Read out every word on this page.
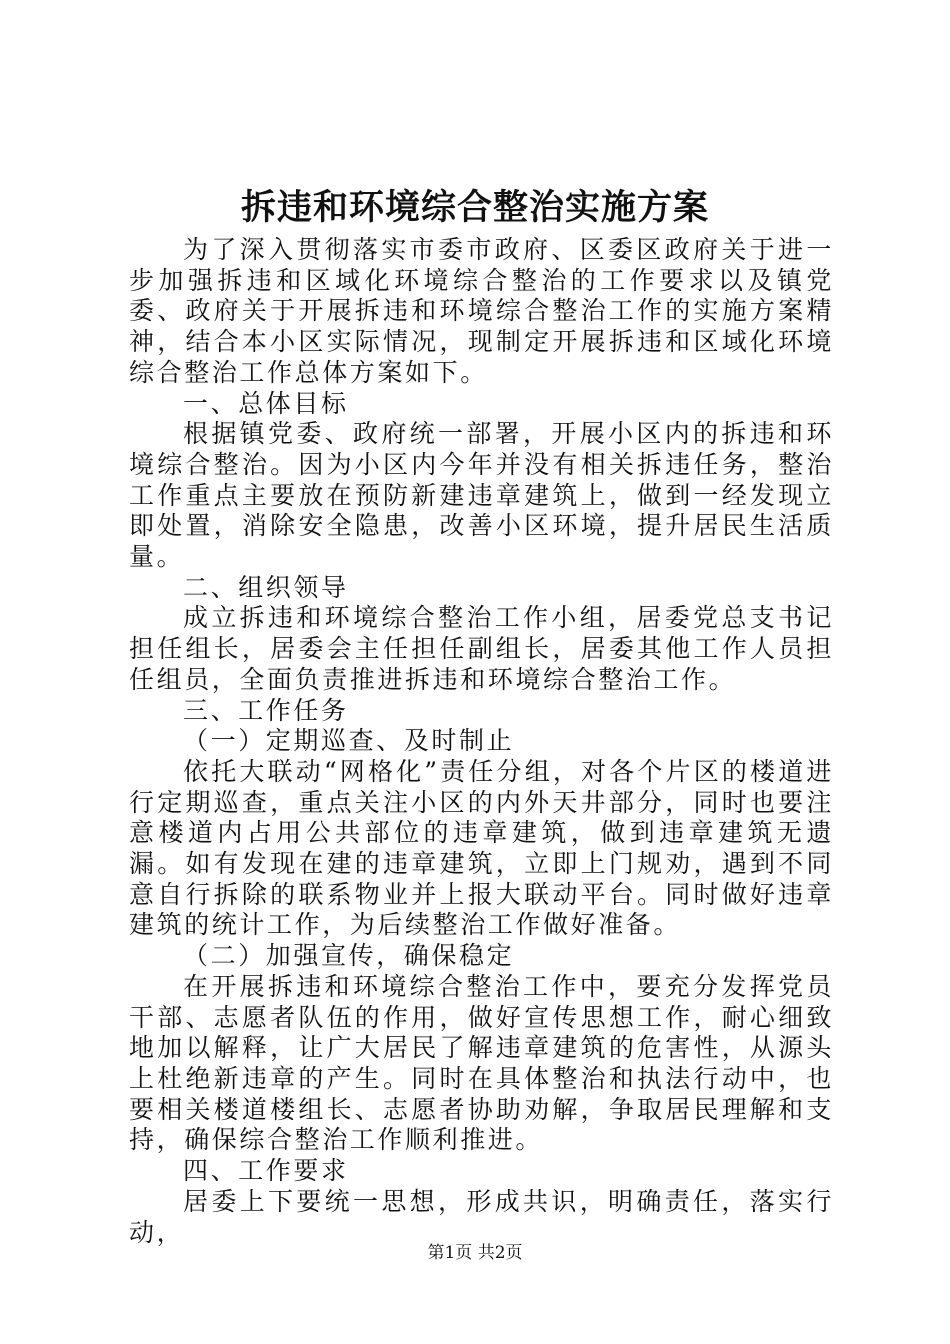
拆违和环境综合整治实施方案

为了深入贯彻落实市委市政府、区委区政府关于进一步加强拆违和区域化环境综合整治的工作要求以及镇党委、政府关于开展拆违和环境综合整治工作的实施方案精神，结合本小区实际情况，现制定开展拆违和区域化环境综合整治工作总体方案如下。

一、总体目标

根据镇党委、政府统一部署，开展小区内的拆违和环境综合整治。因为小区内今年并没有相关拆违任务，整治工作重点主要放在预防新建违章建筑上，做到一经发现立即处置，消除安全隐患，改善小区环境，提升居民生活质量。

二、组织领导

成立拆违和环境综合整治工作小组，居委党总支书记担任组长，居委会主任担任副组长，居委其他工作人员担任组员，全面负责推进拆违和环境综合整治工作。

三、工作任务

（一）定期巡查、及时制止

依托大联动“网格化”责任分组，对各个片区的楼道进行定期巡查，重点关注小区的内外天井部分，同时也要注意楼道内占用公共部位的违章建筑，做到违章建筑无遗漏。如有发现在建的违章建筑，立即上门规劝，遇到不同意自行拆除的联系物业并上报大联动平台。同时做好违章建筑的统计工作，为后续整治工作做好准备。

（二）加强宣传，确保稳定

在开展拆违和环境综合整治工作中，要充分发挥党员干部、志愿者队伍的作用，做好宣传思想工作，耐心细致地加以解释，让广大居民了解违章建筑的危害性，从源头上杜绝新违章的产生。同时在具体整治和执法行动中，也要相关楼道楼组长、志愿者协助劝解，争取居民理解和支持，确保综合整治工作顺利推进。

四、工作要求

居委上下要统一思想，形成共识，明确责任，落实行动，

第1页 共2页
